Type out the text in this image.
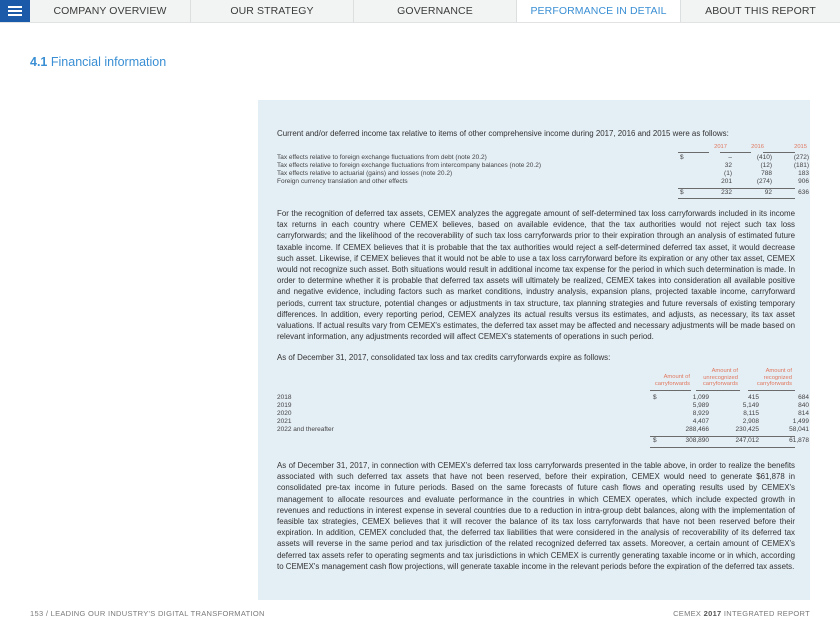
COMPANY OVERVIEW	OUR STRATEGY	GOVERNANCE	PERFORMANCE IN DETAIL	ABOUT THIS REPORT
4.1 Financial information
Current and/or deferred income tax relative to items of other comprehensive income during 2017, 2016 and 2015 were as follows:
2017	2016	2015
Tax effects relative to foreign exchange fluctuations from debt (note 20.2)	$	–	(410)	(272)
Tax effects relative to foreign exchange fluctuations from intercompany balances (note 20.2)	32	(12)	(181)
Tax effects relative to actuarial (gains) and losses (note 20.2)	(1)	788	183
Foreign currency translation and other effects	201	(274)	906
$	232	92	636
For the recognition of deferred tax assets, CEMEX analyzes the aggregate amount of self-determined tax loss carryforwards included in its income tax returns in each country where CEMEX believes, based on available evidence, that the tax authorities would not reject such tax loss carryforwards; and the likelihood of the recoverability of such tax loss carryforwards prior to their expiration through an analysis of estimated future taxable income. If CEMEX believes that it is probable that the tax authorities would reject a self-determined deferred tax asset, it would decrease such asset. Likewise, if CEMEX believes that it would not be able to use a tax loss carryforward before its expiration or any other tax asset, CEMEX would not recognize such asset. Both situations would result in additional income tax expense for the period in which such determination is made. In order to determine whether it is probable that deferred tax assets will ultimately be realized, CEMEX takes into consideration all available positive and negative evidence, including factors such as market conditions, industry analysis, expansion plans, projected taxable income, carryforward periods, current tax structure, potential changes or adjustments in tax structure, tax planning strategies and future reversals of existing temporary differences. In addition, every reporting period, CEMEX analyzes its actual results versus its estimates, and adjusts, as necessary, its tax asset valuations. If actual results vary from CEMEX's estimates, the deferred tax asset may be affected and necessary adjustments will be made based on relevant information, any adjustments recorded will affect CEMEX's statements of operations in such period.
As of December 31, 2017, consolidated tax loss and tax credits carryforwards expire as follows:
Amount of carryforwards
Amount of unrecognized carryforwards
Amount of recognized carryforwards
2018	$	1,099	415	684
2019	5,989	5,149	840
2020	8,929	8,115	814
2021	4,407	2,908	1,499
2022 and thereafter	288,466	230,425	58,041
$	308,890	247,012	61,878
As of December 31, 2017, in connection with CEMEX's deferred tax loss carryforwards presented in the table above, in order to realize the benefits associated with such deferred tax assets that have not been reserved, before their expiration, CEMEX would need to generate $61,878 in consolidated pre-tax income in future periods. Based on the same forecasts of future cash flows and operating results used by CEMEX's management to allocate resources and evaluate performance in the countries in which CEMEX operates, which include expected growth in revenues and reductions in interest expense in several countries due to a reduction in intra-group debt balances, along with the implementation of feasible tax strategies, CEMEX believes that it will recover the balance of its tax loss carryforwards that have not been reserved before their expiration. In addition, CEMEX concluded that, the deferred tax liabilities that were considered in the analysis of recoverability of its deferred tax assets will reverse in the same period and tax jurisdiction of the related recognized deferred tax assets. Moreover, a certain amount of CEMEX's deferred tax assets refer to operating segments and tax jurisdictions in which CEMEX is currently generating taxable income or in which, according to CEMEX's management cash flow projections, will generate taxable income in the relevant periods before the expiration of the deferred tax assets.
153 / LEADING OUR INDUSTRY'S DIGITAL TRANSFORMATION	CEMEX 2017 INTEGRATED REPORT
